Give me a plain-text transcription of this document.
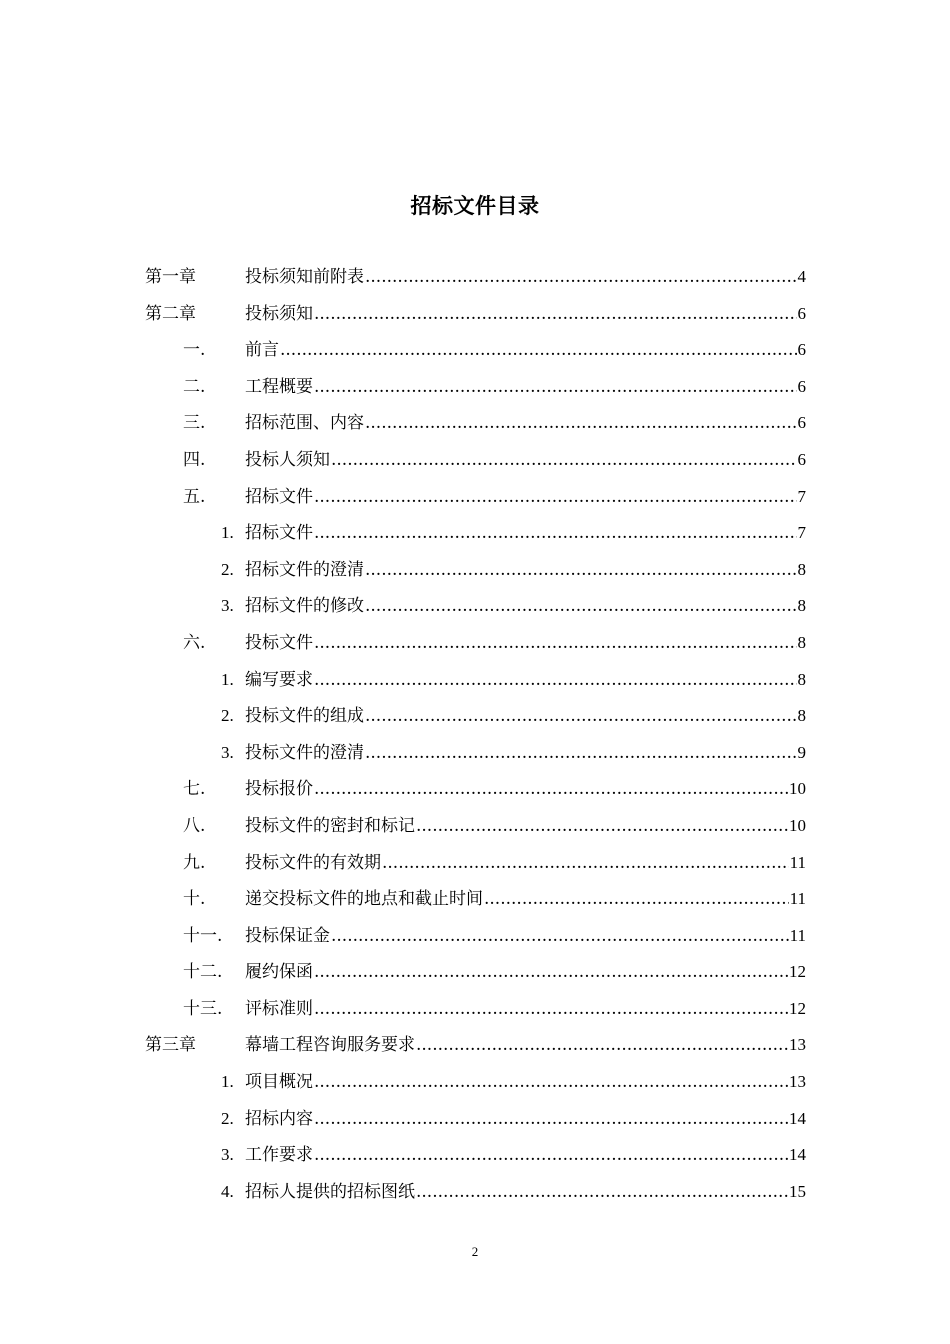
招标文件目录
第一章	投标须知前附表 .....	4
第二章	投标须知 .....	6
一. 前言 .....	6
二. 工程概要 .....	6
三. 招标范围、内容 .....	6
四. 投标人须知 .....	6
五. 招标文件 .....	7
1. 招标文件 .....	7
2. 招标文件的澄清 .....	8
3. 招标文件的修改 .....	8
六. 投标文件 .....	8
1. 编写要求 .....	8
2. 投标文件的组成 .....	8
3. 投标文件的澄清 .....	9
七. 投标报价 .....	10
八. 投标文件的密封和标记 .....	10
九. 投标文件的有效期 .....	11
十. 递交投标文件的地点和截止时间 .....	11
十一. 投标保证金 .....	11
十二. 履约保函 .....	12
十三. 评标准则 .....	12
第三章	幕墙工程咨询服务要求 .....	13
1. 项目概况 .....	13
2. 招标内容 .....	14
3. 工作要求 .....	14
4. 招标人提供的招标图纸 .....	15
2
